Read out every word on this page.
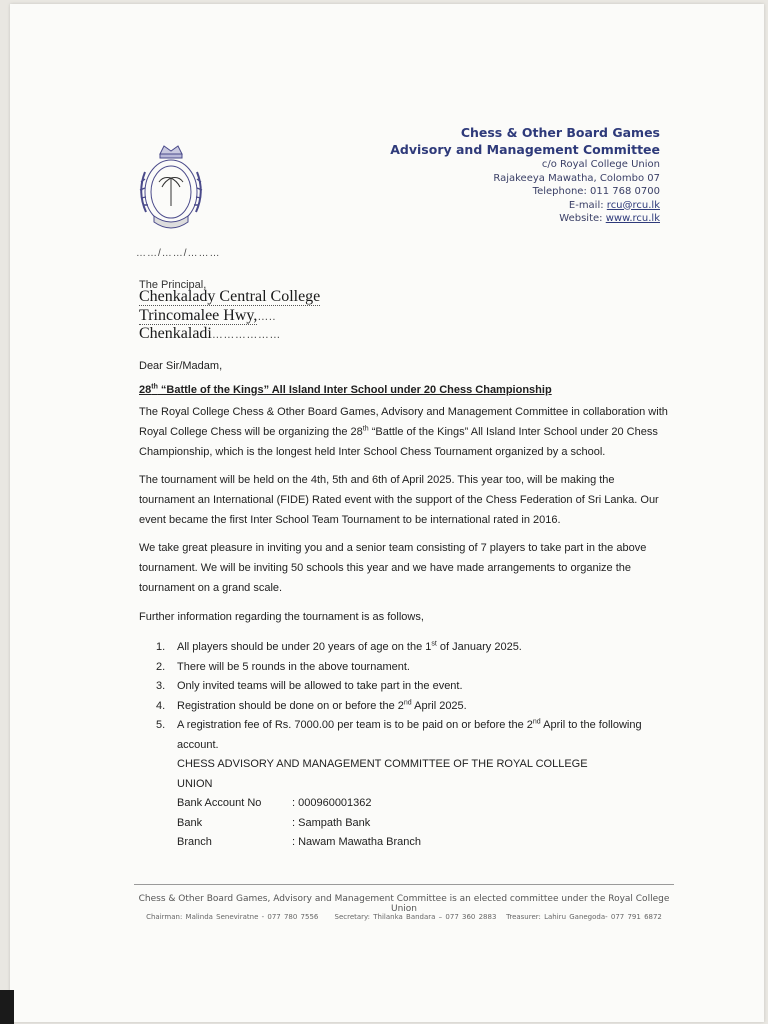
Chess & Other Board Games
Advisory and Management Committee
c/o Royal College Union
Rajakeeya Mawatha, Colombo 07
Telephone: 011 768 0700
E-mail: rcu@rcu.lk
Website: www.rcu.lk
……/……/………
The Principal,
Chenkalady Central College
Trincomalee Hwy,…..
Chenkaladi………………
Dear Sir/Madam,
28th “Battle of the Kings” All Island Inter School under 20 Chess Championship
The Royal College Chess & Other Board Games, Advisory and Management Committee in collaboration with Royal College Chess will be organizing the 28th “Battle of the Kings” All Island Inter School under 20 Chess Championship, which is the longest held Inter School Chess Tournament organized by a school.
The tournament will be held on the 4th, 5th and 6th of April 2025. This year too, will be making the tournament an International (FIDE) Rated event with the support of the Chess Federation of Sri Lanka. Our event became the first Inter School Team Tournament to be international rated in 2016.
We take great pleasure in inviting you and a senior team consisting of 7 players to take part in the above tournament. We will be inviting 50 schools this year and we have made arrangements to organize the tournament on a grand scale.
Further information regarding the tournament is as follows,
1.	All players should be under 20 years of age on the 1st of January 2025.
2.	There will be 5 rounds in the above tournament.
3.	Only invited teams will be allowed to take part in the event.
4.	Registration should be done on or before the 2nd April 2025.
5.	A registration fee of Rs. 7000.00 per team is to be paid on or before the 2nd April to the following account.
CHESS ADVISORY AND MANAGEMENT COMMITTEE OF THE ROYAL COLLEGE
UNION
Bank Account No	: 000960001362
Bank	: Sampath Bank
Branch	: Nawam Mawatha Branch
Chess & Other Board Games, Advisory and Management Committee is an elected committee under the Royal College Union
Chairman: Malinda Seneviratne - 077 780 7556 Secretary: Thilanka Bandara – 077 360 2883 Treasurer: Lahiru Ganegoda- 077 791 6872
